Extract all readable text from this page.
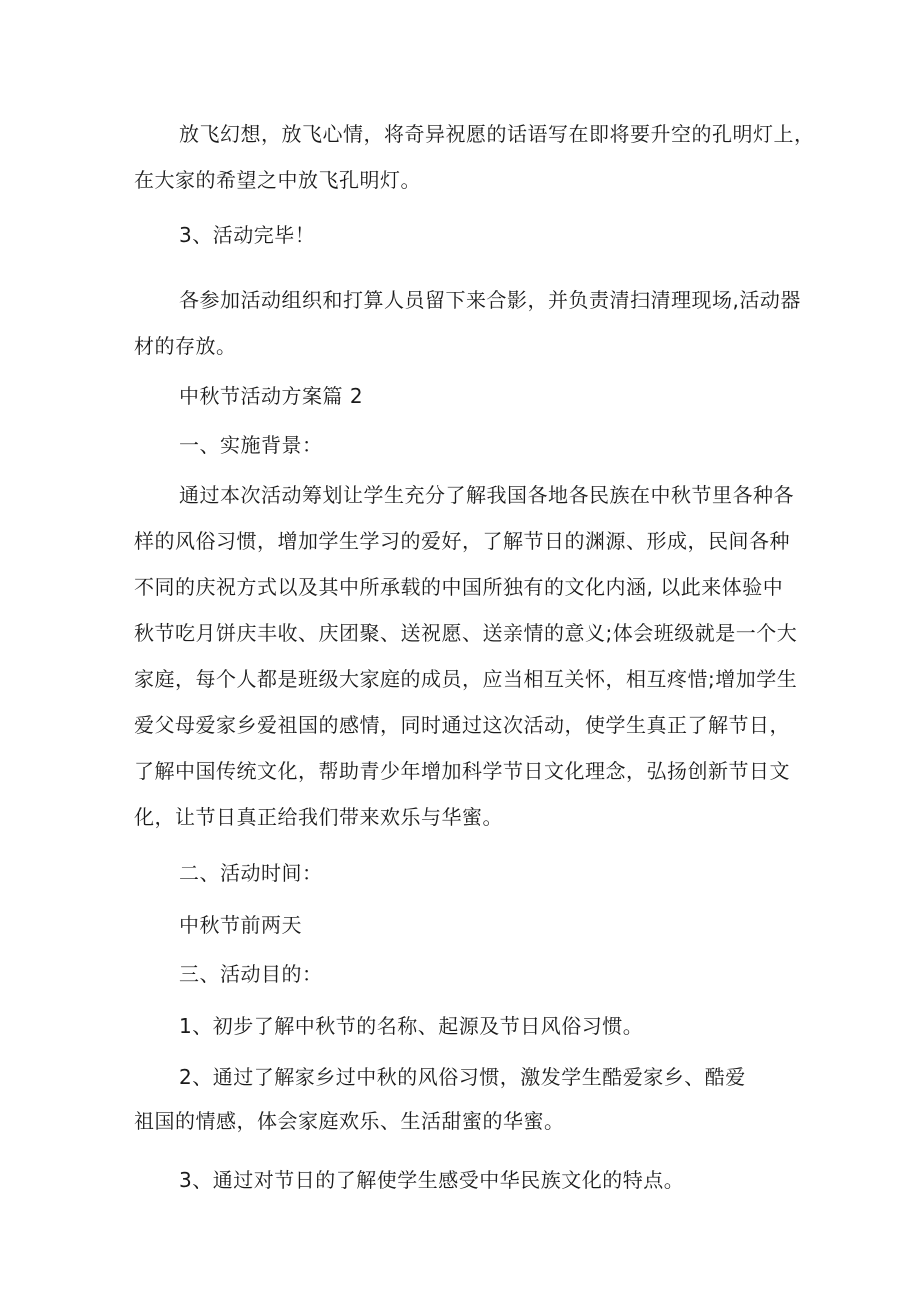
放飞幻想，放飞心情，将奇异祝愿的话语写在即将要升空的孔明灯上，
在大家的希望之中放飞孔明灯。
3、活动完毕！
各参加活动组织和打算人员留下来合影，并负责清扫清理现场,活动器
材的存放。
中秋节活动方案篇 2
一、实施背景：
通过本次活动筹划让学生充分了解我国各地各民族在中秋节里各种各
样的风俗习惯，增加学生学习的爱好，了解节日的渊源、形成，民间各种
不同的庆祝方式以及其中所承载的中国所独有的文化内涵, 以此来体验中
秋节吃月饼庆丰收、庆团聚、送祝愿、送亲情的意义;体会班级就是一个大
家庭，每个人都是班级大家庭的成员，应当相互关怀，相互疼惜;增加学生
爱父母爱家乡爱祖国的感情，同时通过这次活动，使学生真正了解节日，
了解中国传统文化，帮助青少年增加科学节日文化理念，弘扬创新节日文
化，让节日真正给我们带来欢乐与华蜜。
二、活动时间：
中秋节前两天
三、活动目的：
1、初步了解中秋节的名称、起源及节日风俗习惯。
2、通过了解家乡过中秋的风俗习惯，激发学生酷爱家乡、酷爱
祖国的情感，体会家庭欢乐、生活甜蜜的华蜜。
3、通过对节日的了解使学生感受中华民族文化的特点。
